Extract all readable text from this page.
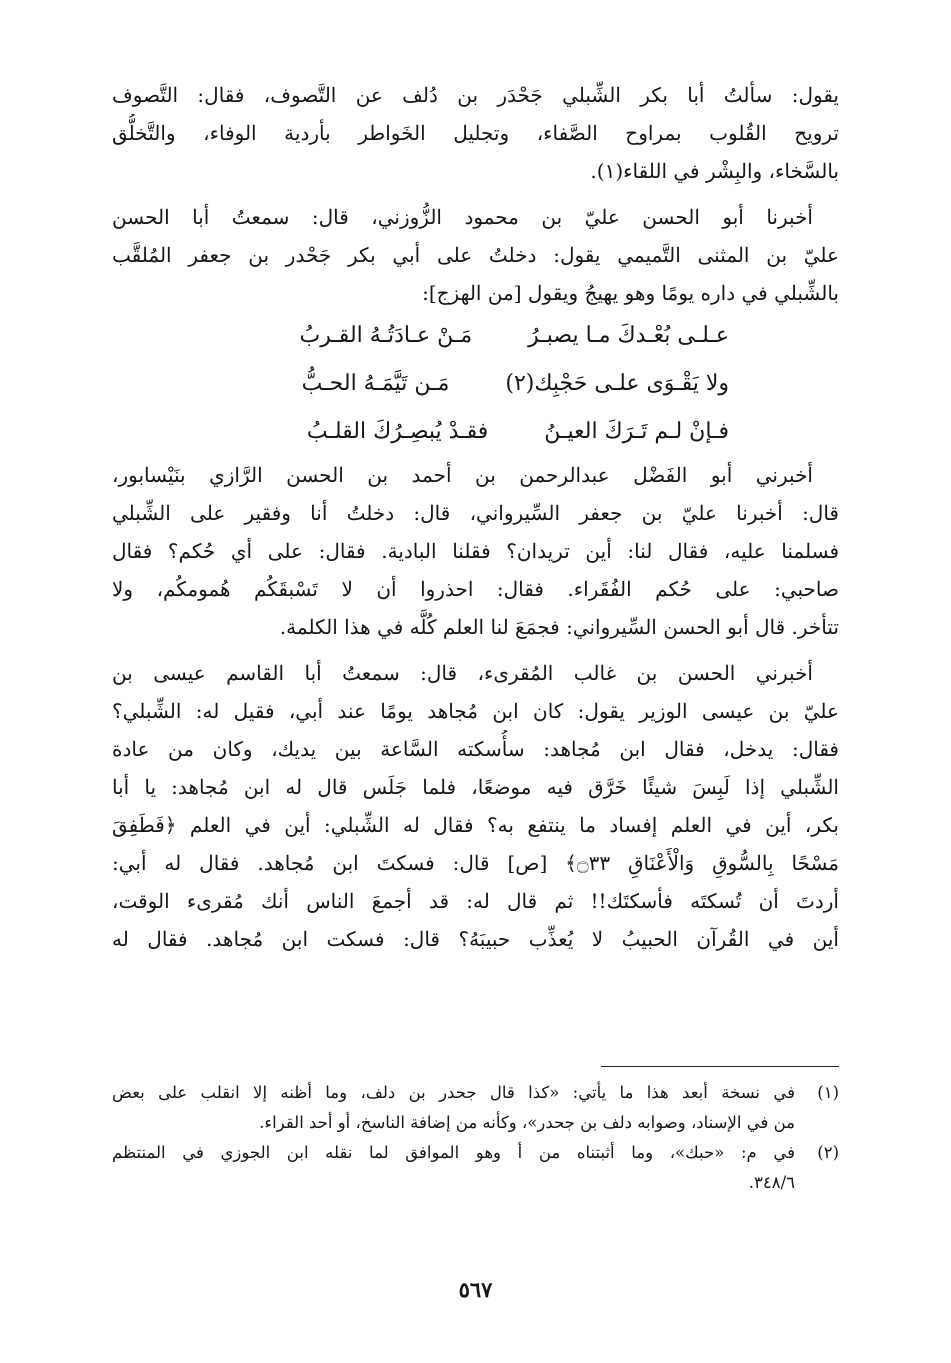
يقول: سألتُ أبا بكر الشِّبلي جَحْدَر بن دُلف عن التَّصوف، فقال: التَّصوف
ترويح القُلوب بمراوح الصَّفاء، وتجليل الخَواطر بأردية الوفاء، والتَّخلُّق
بالسَّخاء، والبِشْر في اللقاء(١).
أخبرنا أبو الحسن عليّ بن محمود الزُّوزني، قال: سمعتُ أبا الحسن
عليّ بن المثنى التَّميمي يقول: دخلتُ على أبي بكر جَحْدر بن جعفر المُلقَّب
بالشِّبلي في داره يومًا وهو يهيجُ ويقول [من الهزج]:
عـلـى بُعْـدكَ مـا يصبـرُ
مَـنْ عـادَتُـهُ القـربُ
ولا يَقْـوَى علـى حَجْبِك(٢)
مَـن تَيَّمَـهُ الحـبُّ
فـإنْ لـم تَـرَكَ العيـنُ
فقـدْ يُبصِـرُكَ القلـبُ
أخبرني أبو الفَضْل عبدالرحمن بن أحمد بن الحسن الرَّازي بنَيْسابور،
قال: أخبرنا عليّ بن جعفر السِّيرواني، قال: دخلتُ أنا وفقير على الشِّبلي
فسلمنا عليه، فقال لنا: أين تريدان؟ فقلنا البادية. فقال: على أي حُكم؟ فقال
صاحبي: على حُكم الفُقَراء. فقال: احذروا أن لا تَسْبقَكُم هُمومكُم، ولا
تتأخر. قال أبو الحسن السِّيرواني: فجمَعَ لنا العلم كُلَّه في هذا الكلمة.
أخبرني الحسن بن غالب المُقرىء، قال: سمعتُ أبا القاسم عيسى بن
عليّ بن عيسى الوزير يقول: كان ابن مُجاهد يومًا عند أبي، فقيل له: الشِّبلي؟
فقال: يدخل، فقال ابن مُجاهد: سأُسكته السَّاعة بين يديك، وكان من عادة
الشِّبلي إذا لَبِسَ شيئًا خَرَّق فيه موضعًا، فلما جَلَس قال له ابن مُجاهد: يا أبا
بكر، أين في العلم إفساد ما ينتفع به؟ فقال له الشِّبلي: أين في العلم ﴿فَطَفِقَ
مَسْحًا بِالسُّوقِ وَالْأَعْنَاقِ ۝٣٣﴾ [ص] قال: فسكتَ ابن مُجاهد. فقال له أبي:
أردتَ أن تُسكتَه فأسكتَك!! ثم قال له: قد أجمعَ الناس أنك مُقرىء الوقت،
أين في القُرآن الحبيبُ لا يُعذِّب حبيبَهُ؟ قال: فسكت ابن مُجاهد. فقال له
(١)
في نسخة أبعد هذا ما يأتي: «كذا قال جحدر بن دلف، وما أظنه إلا انقلب على بعض
من في الإسناد، وصوابه دلف بن جحدر»، وكأنه من إضافة الناسخ، أو أحد القراء.
(٢)
في م: «حبك»، وما أثبتناه من أ وهو الموافق لما نقله ابن الجوزي في المنتظم
٣٤٨/٦.
٥٦٧
